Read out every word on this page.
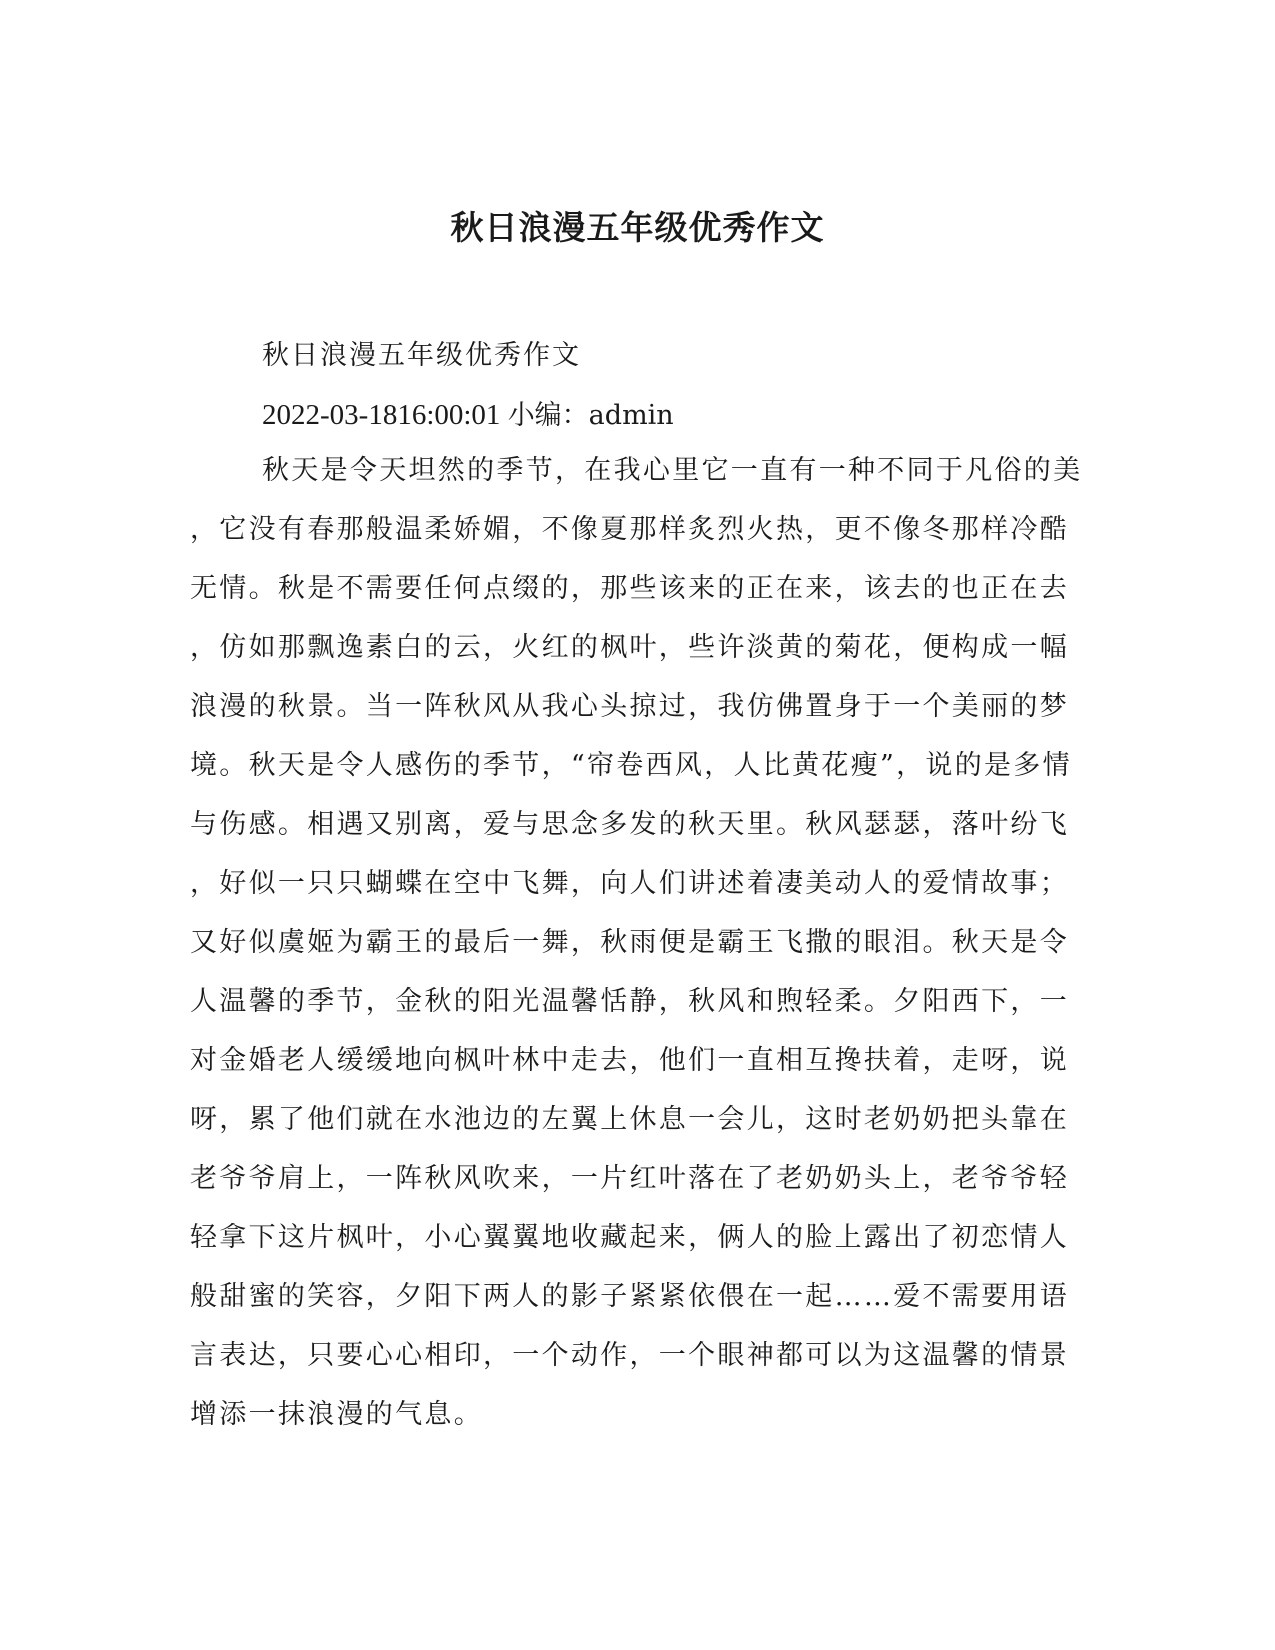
秋日浪漫五年级优秀作文

秋日浪漫五年级优秀作文

2022-03-1816:00:01 小编：admin

秋天是令天坦然的季节，在我心里它一直有一种不同于凡俗的美
，它没有春那般温柔娇媚，不像夏那样炙烈火热，更不像冬那样冷酷
无情。秋是不需要任何点缀的，那些该来的正在来，该去的也正在去
，仿如那飘逸素白的云，火红的枫叶，些许淡黄的菊花，便构成一幅
浪漫的秋景。当一阵秋风从我心头掠过，我仿佛置身于一个美丽的梦
境。秋天是令人感伤的季节，“帘卷西风，人比黄花瘦”，说的是多情
与伤感。相遇又别离，爱与思念多发的秋天里。秋风瑟瑟，落叶纷飞
，好似一只只蝴蝶在空中飞舞，向人们讲述着凄美动人的爱情故事；
又好似虞姬为霸王的最后一舞，秋雨便是霸王飞撒的眼泪。秋天是令
人温馨的季节，金秋的阳光温馨恬静，秋风和煦轻柔。夕阳西下，一
对金婚老人缓缓地向枫叶林中走去，他们一直相互搀扶着，走呀，说
呀，累了他们就在水池边的左翼上休息一会儿，这时老奶奶把头靠在
老爷爷肩上，一阵秋风吹来，一片红叶落在了老奶奶头上，老爷爷轻
轻拿下这片枫叶，小心翼翼地收藏起来，俩人的脸上露出了初恋情人
般甜蜜的笑容，夕阳下两人的影子紧紧依偎在一起……爱不需要用语
言表达，只要心心相印，一个动作，一个眼神都可以为这温馨的情景
增添一抹浪漫的气息。
